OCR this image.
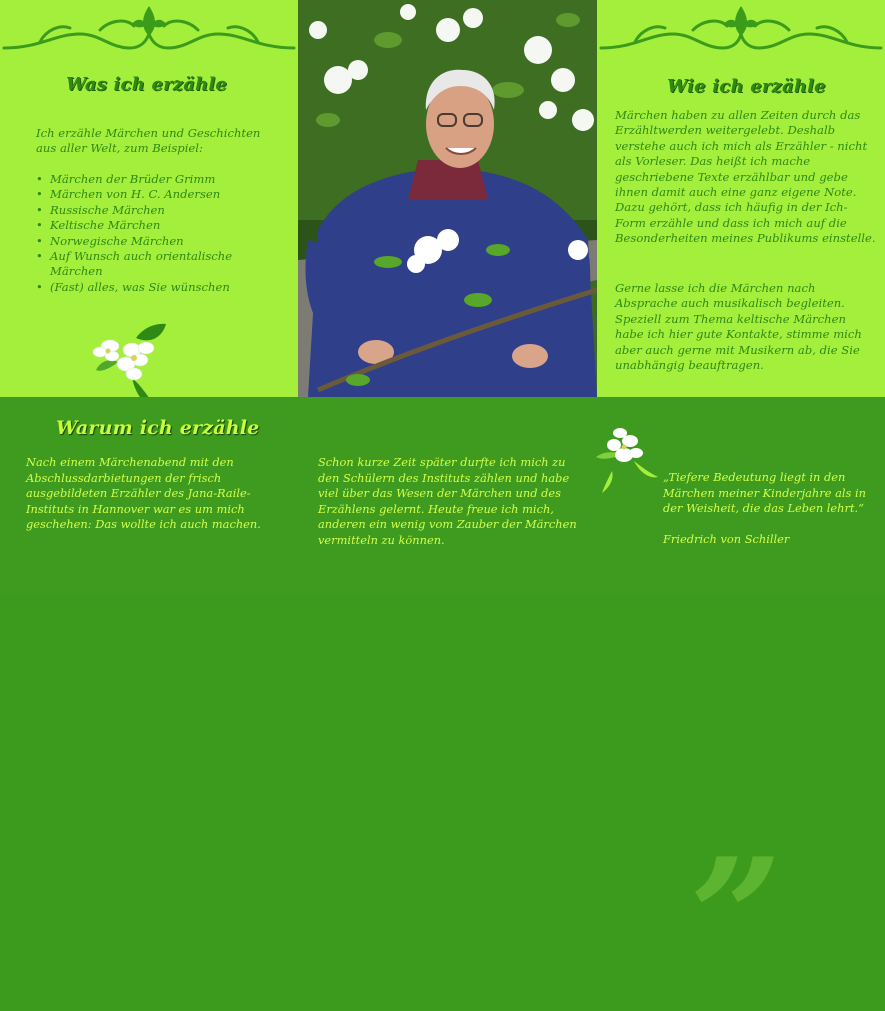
Was ich erzähle
Ich erzähle Märchen und Geschichten aus aller Welt, zum Beispiel:
• Märchen der Brüder Grimm
• Märchen von H. C. Andersen
• Russische Märchen
• Keltische Märchen
• Norwegische Märchen
• Auf Wunsch auch orientalische Märchen
• (Fast) alles, was Sie wünschen
Wie ich erzähle
Märchen haben zu allen Zeiten durch das Erzähltwerden weitergelebt. Deshalb verstehe auch ich mich als Erzähler - nicht als Vorleser. Das heißt ich mache geschriebene Texte erzählbar und gebe ihnen damit auch eine ganz eigene Note. Dazu gehört, dass ich häufig in der Ich-Form erzähle und dass ich mich auf die Besonderheiten meines Publikums einstelle.
Gerne lasse ich die Märchen nach Absprache auch musikalisch begleiten. Speziell zum Thema keltische Märchen habe ich hier gute Kontakte, stimme mich aber auch gerne mit Musikern ab, die Sie unabhängig beauftragen.
Warum ich erzähle
Nach einem Märchenabend mit den Abschlussdarbietungen der frisch ausgebildeten Erzähler des Jana-Raile-Instituts in Hannover war es um mich geschehen: Das wollte ich auch machen.
Schon kurze Zeit später durfte ich mich zu den Schülern des Instituts zählen und habe viel über das Wesen der Märchen und des Erzählens gelernt. Heute freue ich mich, anderen ein wenig vom Zauber der Märchen vermitteln zu können.
”
„Tiefere Bedeutung liegt in den Märchen meiner Kinderjahre als in der Weisheit, die das Leben lehrt.“
Friedrich von Schiller
